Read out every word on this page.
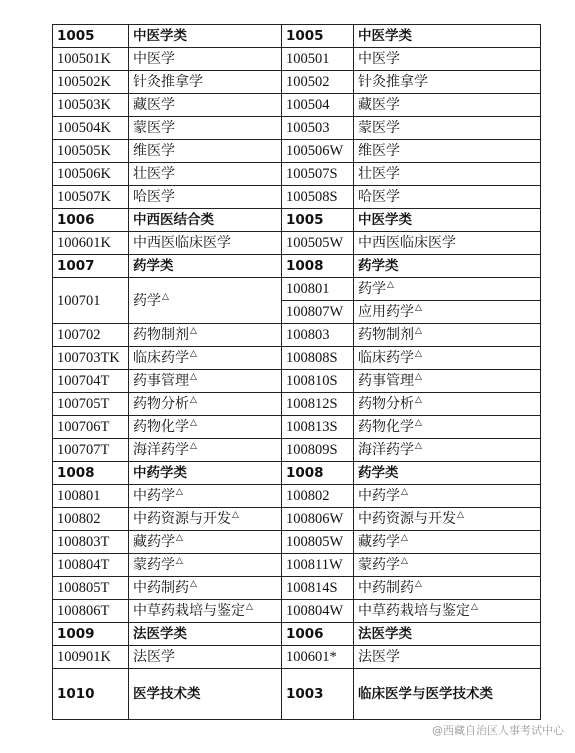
1005	中医学类	1005	中医学类
100501K	中医学	100501	中医学
100502K	针灸推拿学	100502	针灸推拿学
100503K	藏医学	100504	藏医学
100504K	蒙医学	100503	蒙医学
100505K	维医学	100506W	维医学
100506K	壮医学	100507S	壮医学
100507K	哈医学	100508S	哈医学
1006	中西医结合类	1005	中医学类
100601K	中西医临床医学	100505W	中西医临床医学
1007	药学类	1008	药学类
100701	药学△	100801	药学△
		100807W	应用药学△
100702	药物制剂△	100803	药物制剂△
100703TK	临床药学△	100808S	临床药学△
100704T	药事管理△	100810S	药事管理△
100705T	药物分析△	100812S	药物分析△
100706T	药物化学△	100813S	药物化学△
100707T	海洋药学△	100809S	海洋药学△
1008	中药学类	1008	药学类
100801	中药学△	100802	中药学△
100802	中药资源与开发△	100806W	中药资源与开发△
100803T	藏药学△	100805W	藏药学△
100804T	蒙药学△	100811W	蒙药学△
100805T	中药制药△	100814S	中药制药△
100806T	中草药栽培与鉴定△	100804W	中草药栽培与鉴定△
1009	法医学类	1006	法医学类
100901K	法医学	100601*	法医学
1010	医学技术类	1003	临床医学与医学技术类
@西藏自治区人事考试中心
